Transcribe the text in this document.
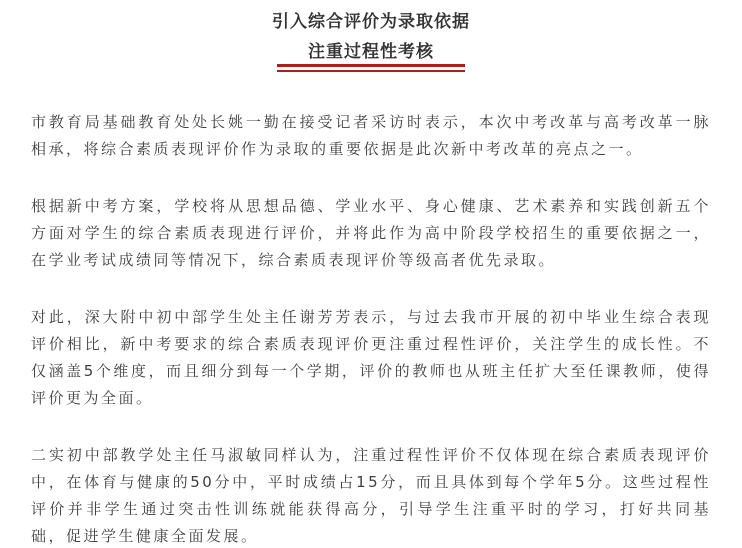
引入综合评价为录取依据
注重过程性考核

市教育局基础教育处处长姚一勤在接受记者采访时表示，本次中考改革与高考改革一脉相承，将综合素质表现评价作为录取的重要依据是此次新中考改革的亮点之一。

根据新中考方案，学校将从思想品德、学业水平、身心健康、艺术素养和实践创新五个方面对学生的综合素质表现进行评价，并将此作为高中阶段学校招生的重要依据之一，在学业考试成绩同等情况下，综合素质表现评价等级高者优先录取。

对此，深大附中初中部学生处主任谢芳芳表示，与过去我市开展的初中毕业生综合表现评价相比，新中考要求的综合素质表现评价更注重过程性评价，关注学生的成长性。不仅涵盖5个维度，而且细分到每一个学期，评价的教师也从班主任扩大至任课教师，使得评价更为全面。

二实初中部教学处主任马淑敏同样认为，注重过程性评价不仅体现在综合素质表现评价中，在体育与健康的50分中，平时成绩占15分，而且具体到每个学年5分。这些过程性评价并非学生通过突击性训练就能获得高分，引导学生注重平时的学习，打好共同基础，促进学生健康全面发展。
